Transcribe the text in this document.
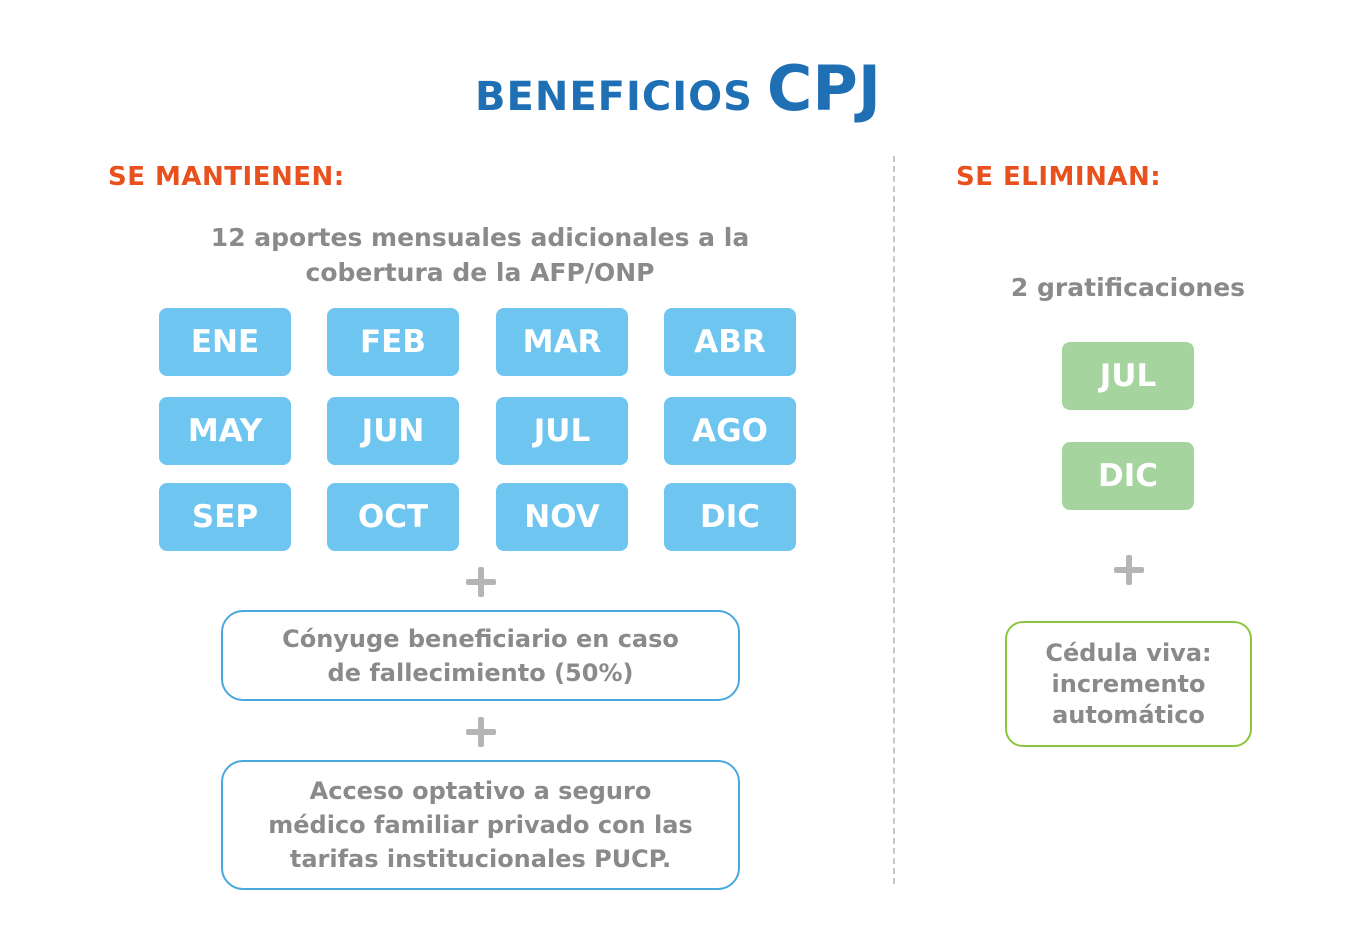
BENEFICIOS CPJ
SE MANTIENEN:
12 aportes mensuales adicionales a la
cobertura de la AFP/ONP
ENE	FEB	MAR	ABR
MAY	JUN	JUL	AGO
SEP	OCT	NOV	DIC
Cónyuge beneficiario en caso
de fallecimiento (50%)
Acceso optativo a seguro
médico familiar privado con las
tarifas institucionales PUCP.
SE ELIMINAN:
2 gratificaciones
JUL
DIC
Cédula viva:
incremento
automático
